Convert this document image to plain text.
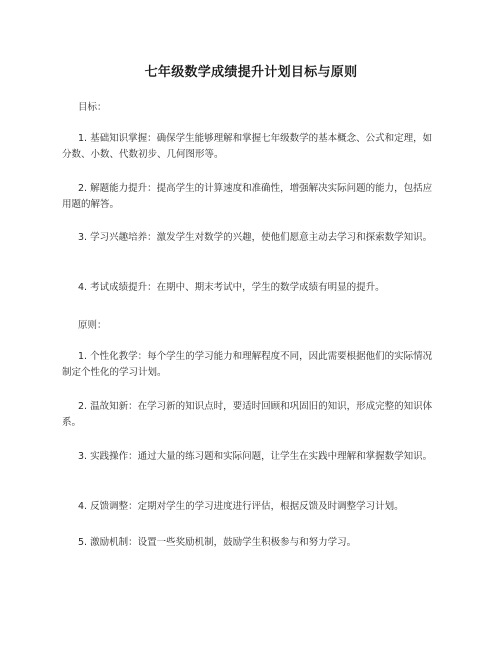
七年级数学成绩提升计划目标与原则
目标：
1. 基础知识掌握：确保学生能够理解和掌握七年级数学的基本概念、公式和定理，如分数、小数、代数初步、几何图形等。
2. 解题能力提升：提高学生的计算速度和准确性，增强解决实际问题的能力，包括应用题的解答。
3. 学习兴趣培养：激发学生对数学的兴趣，使他们愿意主动去学习和探索数学知识。
4. 考试成绩提升：在期中、期末考试中，学生的数学成绩有明显的提升。
原则：
1. 个性化教学：每个学生的学习能力和理解程度不同，因此需要根据他们的实际情况制定个性化的学习计划。
2. 温故知新：在学习新的知识点时，要适时回顾和巩固旧的知识，形成完整的知识体系。
3. 实践操作：通过大量的练习题和实际问题，让学生在实践中理解和掌握数学知识。
4. 反馈调整：定期对学生的学习进度进行评估，根据反馈及时调整学习计划。
5. 激励机制：设置一些奖励机制，鼓励学生积极参与和努力学习。
